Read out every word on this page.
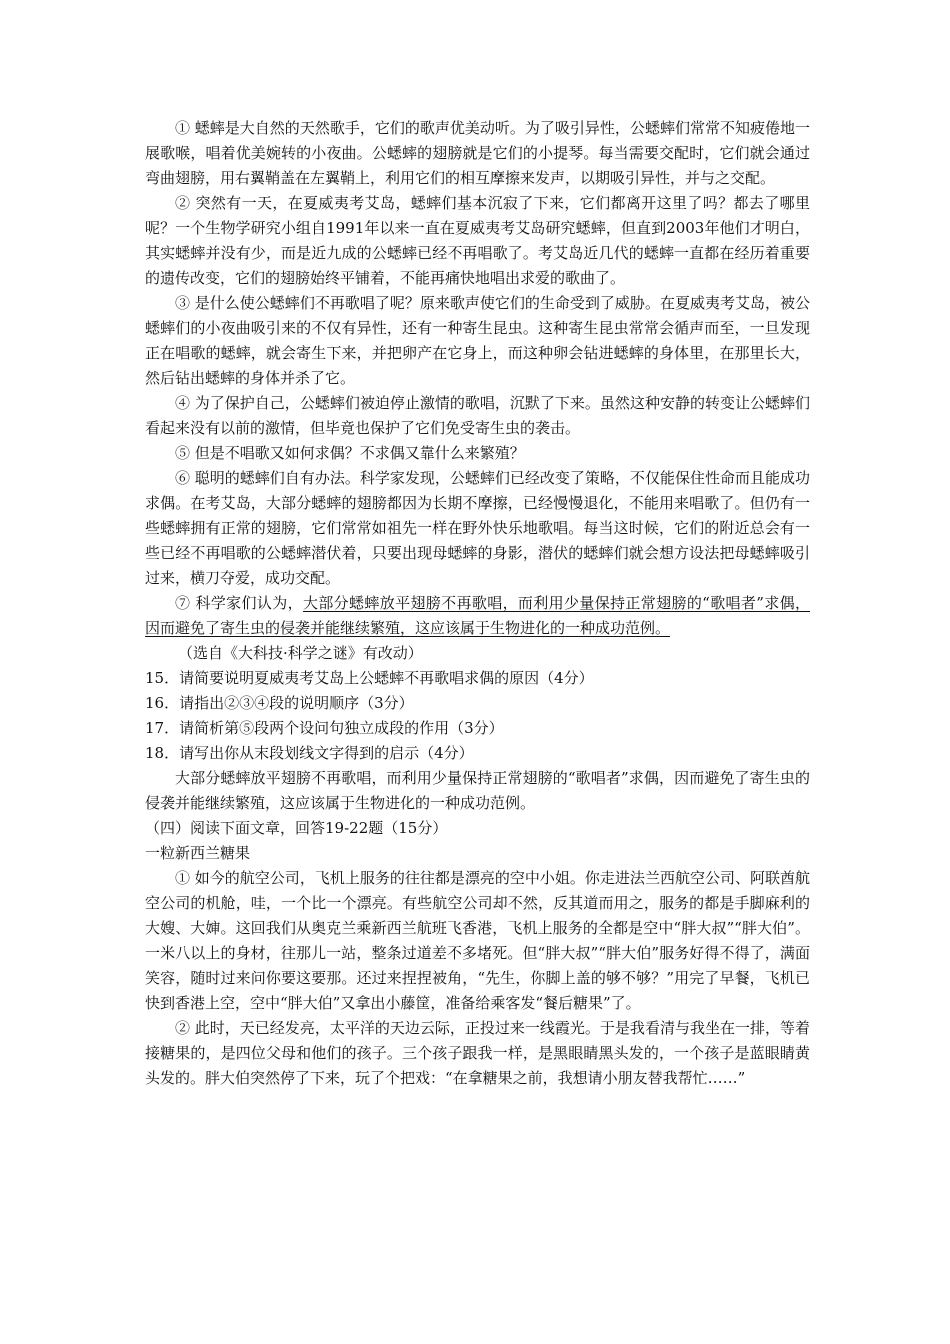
① 蟋蟀是大自然的天然歌手，它们的歌声优美动听。为了吸引异性，公蟋蟀们常常不知疲倦地一展歌喉，唱着优美婉转的小夜曲。公蟋蟀的翅膀就是它们的小提琴。每当需要交配时，它们就会通过弯曲翅膀，用右翼鞘盖在左翼鞘上，利用它们的相互摩擦来发声，以期吸引异性，并与之交配。

② 突然有一天，在夏威夷考艾岛，蟋蟀们基本沉寂了下来，它们都离开这里了吗？都去了哪里呢？一个生物学研究小组自1991年以来一直在夏威夷考艾岛研究蟋蟀，但直到2003年他们才明白，其实蟋蟀并没有少，而是近九成的公蟋蟀已经不再唱歌了。考艾岛近几代的蟋蟀一直都在经历着重要的遗传改变，它们的翅膀始终平铺着，不能再痛快地唱出求爱的歌曲了。

③ 是什么使公蟋蟀们不再歌唱了呢？原来歌声使它们的生命受到了威胁。在夏威夷考艾岛，被公蟋蟀们的小夜曲吸引来的不仅有异性，还有一种寄生昆虫。这种寄生昆虫常常会循声而至，一旦发现正在唱歌的蟋蟀，就会寄生下来，并把卵产在它身上，而这种卵会钻进蟋蟀的身体里，在那里长大，然后钻出蟋蟀的身体并杀了它。

④ 为了保护自己，公蟋蟀们被迫停止激情的歌唱，沉默了下来。虽然这种安静的转变让公蟋蟀们看起来没有以前的激情，但毕竟也保护了它们免受寄生虫的袭击。

⑤ 但是不唱歌又如何求偶？不求偶又靠什么来繁殖？

⑥ 聪明的蟋蟀们自有办法。科学家发现，公蟋蟀们已经改变了策略，不仅能保住性命而且能成功求偶。在考艾岛，大部分蟋蟀的翅膀都因为长期不摩擦，已经慢慢退化，不能用来唱歌了。但仍有一些蟋蟀拥有正常的翅膀，它们常常如祖先一样在野外快乐地歌唱。每当这时候，它们的附近总会有一些已经不再唱歌的公蟋蟀潜伏着，只要出现母蟋蟀的身影，潜伏的蟋蟀们就会想方设法把母蟋蟀吸引过来，横刀夺爱，成功交配。

⑦ 科学家们认为，大部分蟋蟀放平翅膀不再歌唱，而利用少量保持正常翅膀的“歌唱者”求偶，因而避免了寄生虫的侵袭并能继续繁殖，这应该属于生物进化的一种成功范例。

（选自《大科技·科学之谜》有改动）

15．请简要说明夏威夷考艾岛上公蟋蟀不再歌唱求偶的原因（4分）

16．请指出②③④段的说明顺序（3分）

17．请简析第⑤段两个设问句独立成段的作用（3分）

18．请写出你从末段划线文字得到的启示（4分）

大部分蟋蟀放平翅膀不再歌唱，而利用少量保持正常翅膀的“歌唱者”求偶，因而避免了寄生虫的侵袭并能继续繁殖，这应该属于生物进化的一种成功范例。

（四）阅读下面文章，回答19-22题（15分）

一粒新西兰糖果

① 如今的航空公司，飞机上服务的往往都是漂亮的空中小姐。你走进法兰西航空公司、阿联酋航空公司的机舱，哇，一个比一个漂亮。有些航空公司却不然，反其道而用之，服务的都是手脚麻利的大嫂、大婶。这回我们从奥克兰乘新西兰航班飞香港，飞机上服务的全都是空中“胖大叔”“胖大伯”。一米八以上的身材，往那儿一站，整条过道差不多堵死。但“胖大叔”“胖大伯”服务好得不得了，满面笑容，随时过来问你要这要那。还过来捏捏被角，“先生，你脚上盖的够不够？”用完了早餐，飞机已快到香港上空，空中“胖大伯”又拿出小藤筐，准备给乘客发“餐后糖果”了。

② 此时，天已经发亮，太平洋的天边云际，正投过来一线霞光。于是我看清与我坐在一排，等着接糖果的，是四位父母和他们的孩子。三个孩子跟我一样，是黑眼睛黑头发的，一个孩子是蓝眼睛黄头发的。胖大伯突然停了下来，玩了个把戏：“在拿糖果之前，我想请小朋友替我帮忙……”
